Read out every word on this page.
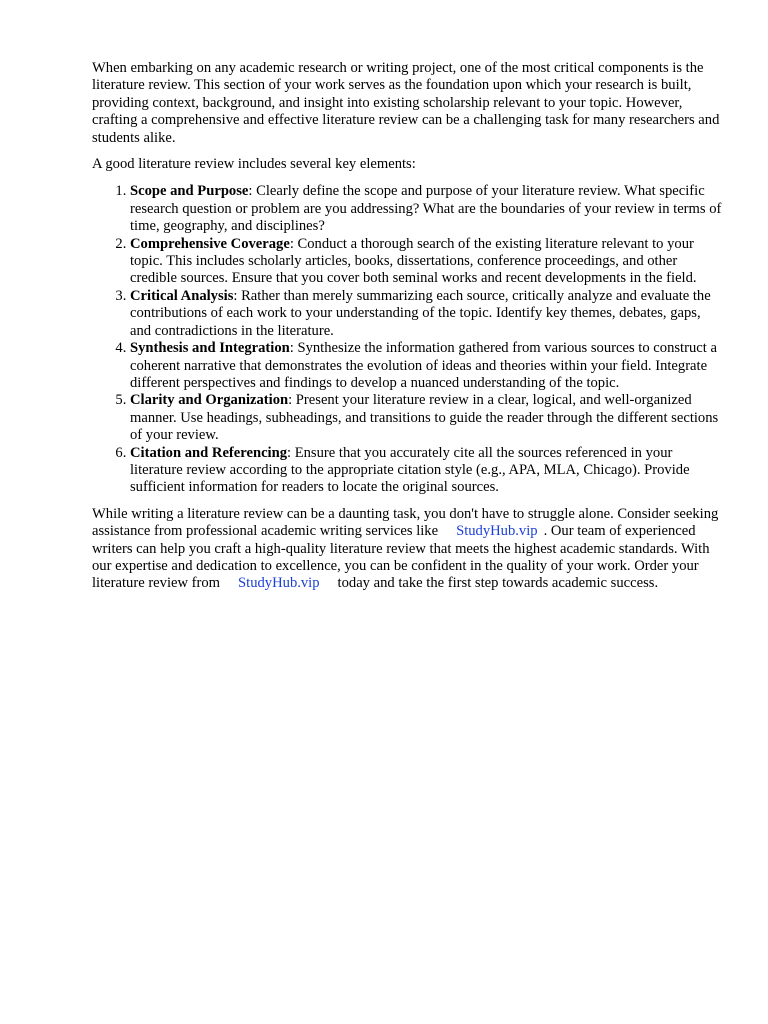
When embarking on any academic research or writing project, one of the most critical components is the literature review. This section of your work serves as the foundation upon which your research is built, providing context, background, and insight into existing scholarship relevant to your topic. However, crafting a comprehensive and effective literature review can be a challenging task for many researchers and students alike.

A good literature review includes several key elements:

1. Scope and Purpose: Clearly define the scope and purpose of your literature review. What specific research question or problem are you addressing? What are the boundaries of your review in terms of time, geography, and disciplines?
2. Comprehensive Coverage: Conduct a thorough search of the existing literature relevant to your topic. This includes scholarly articles, books, dissertations, conference proceedings, and other credible sources. Ensure that you cover both seminal works and recent developments in the field.
3. Critical Analysis: Rather than merely summarizing each source, critically analyze and evaluate the contributions of each work to your understanding of the topic. Identify key themes, debates, gaps, and contradictions in the literature.
4. Synthesis and Integration: Synthesize the information gathered from various sources to construct a coherent narrative that demonstrates the evolution of ideas and theories within your field. Integrate different perspectives and findings to develop a nuanced understanding of the topic.
5. Clarity and Organization: Present your literature review in a clear, logical, and well-organized manner. Use headings, subheadings, and transitions to guide the reader through the different sections of your review.
6. Citation and Referencing: Ensure that you accurately cite all the sources referenced in your literature review according to the appropriate citation style (e.g., APA, MLA, Chicago). Provide sufficient information for readers to locate the original sources.

While writing a literature review can be a daunting task, you don't have to struggle alone. Consider seeking assistance from professional academic writing services like StudyHub.vip . Our team of experienced writers can help you craft a high-quality literature review that meets the highest academic standards. With our expertise and dedication to excellence, you can be confident in the quality of your work. Order your literature review from StudyHub.vip today and take the first step towards academic success.
